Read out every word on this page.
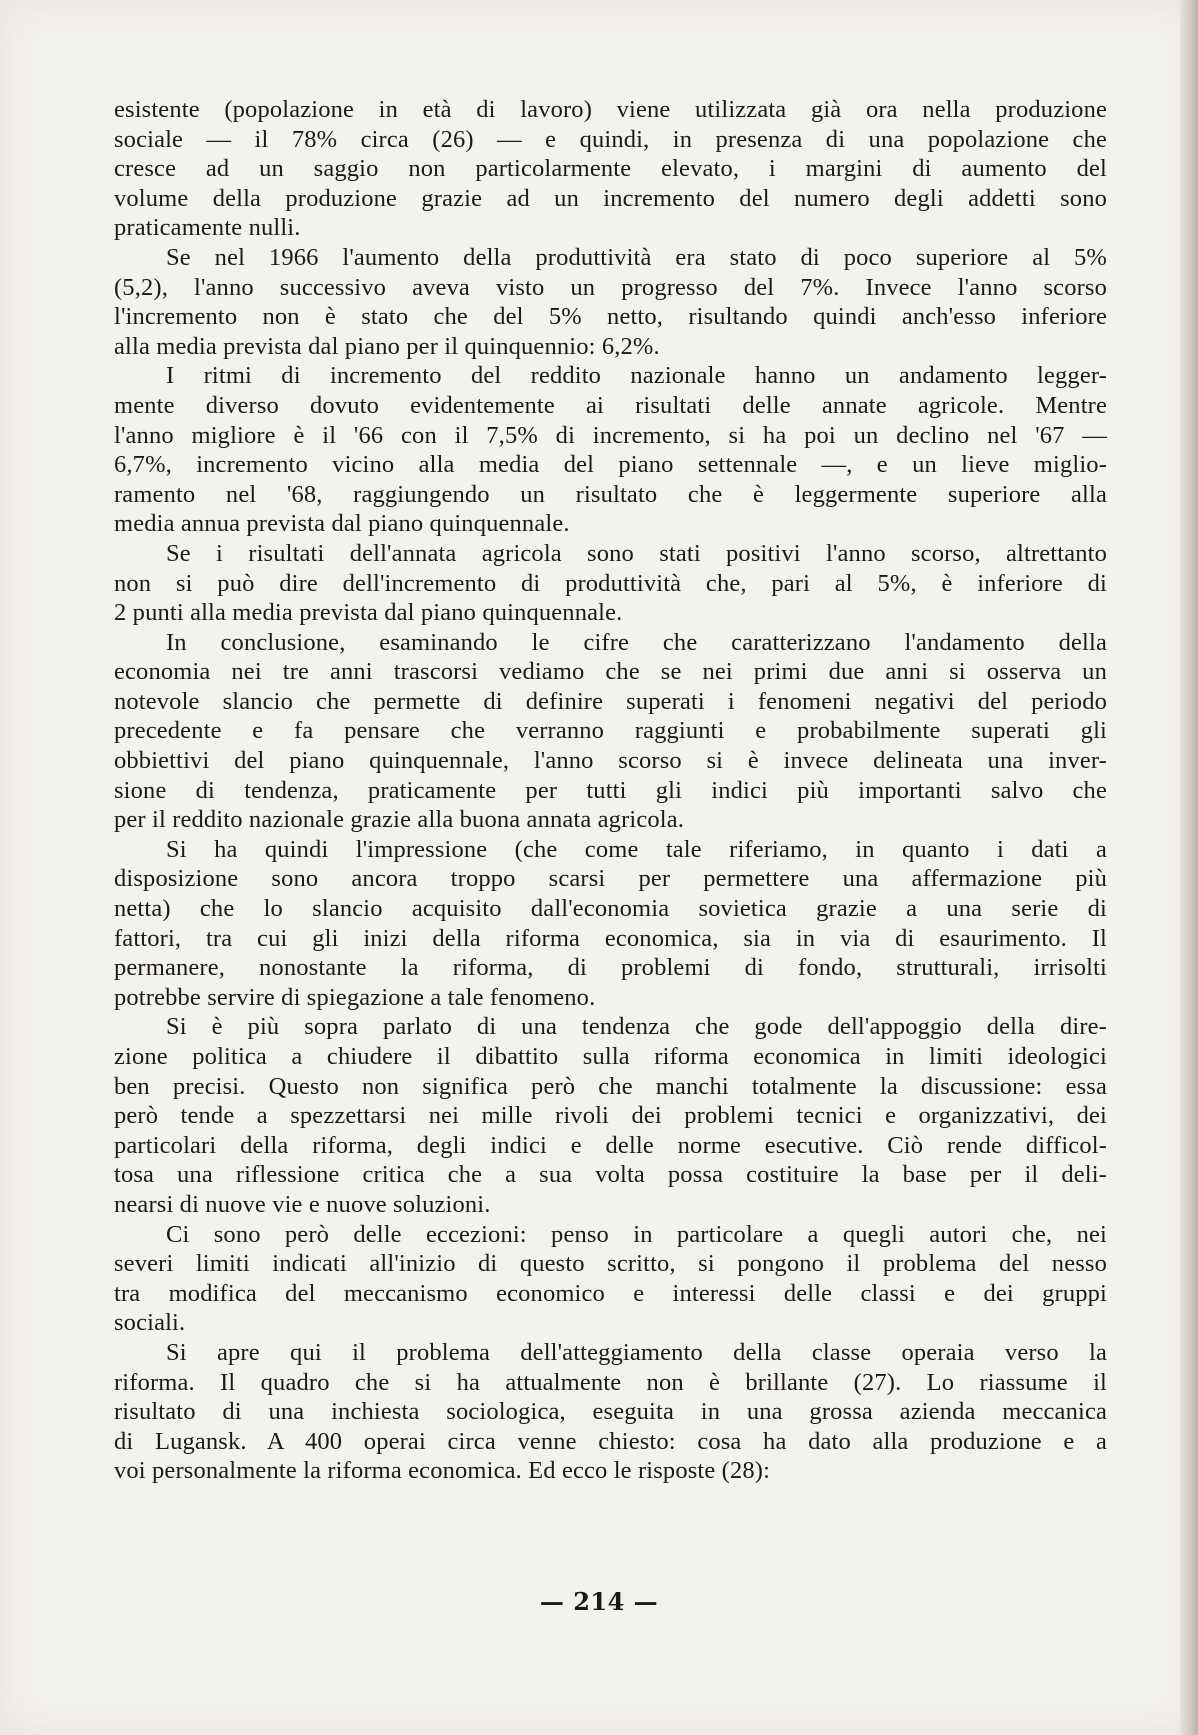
esistente (popolazione in età di lavoro) viene utilizzata già ora nella produzione
sociale — il 78% circa (26) — e quindi, in presenza di una popolazione che
cresce ad un saggio non particolarmente elevato, i margini di aumento del
volume della produzione grazie ad un incremento del numero degli addetti sono
praticamente nulli.

Se nel 1966 l'aumento della produttività era stato di poco superiore al 5%
(5,2), l'anno successivo aveva visto un progresso del 7%. Invece l'anno scorso
l'incremento non è stato che del 5% netto, risultando quindi anch'esso inferiore
alla media prevista dal piano per il quinquennio: 6,2%.

I ritmi di incremento del reddito nazionale hanno un andamento legger-
mente diverso dovuto evidentemente ai risultati delle annate agricole. Mentre
l'anno migliore è il '66 con il 7,5% di incremento, si ha poi un declino nel '67 —
6,7%, incremento vicino alla media del piano settennale —, e un lieve miglio-
ramento nel '68, raggiungendo un risultato che è leggermente superiore alla
media annua prevista dal piano quinquennale.

Se i risultati dell'annata agricola sono stati positivi l'anno scorso, altrettanto
non si può dire dell'incremento di produttività che, pari al 5%, è inferiore di
2 punti alla media prevista dal piano quinquennale.

In conclusione, esaminando le cifre che caratterizzano l'andamento della
economia nei tre anni trascorsi vediamo che se nei primi due anni si osserva un
notevole slancio che permette di definire superati i fenomeni negativi del periodo
precedente e fa pensare che verranno raggiunti e probabilmente superati gli
obbiettivi del piano quinquennale, l'anno scorso si è invece delineata una inver-
sione di tendenza, praticamente per tutti gli indici più importanti salvo che
per il reddito nazionale grazie alla buona annata agricola.

Si ha quindi l'impressione (che come tale riferiamo, in quanto i dati a
disposizione sono ancora troppo scarsi per permettere una affermazione più
netta) che lo slancio acquisito dall'economia sovietica grazie a una serie di
fattori, tra cui gli inizi della riforma economica, sia in via di esaurimento. Il
permanere, nonostante la riforma, di problemi di fondo, strutturali, irrisolti
potrebbe servire di spiegazione a tale fenomeno.

Si è più sopra parlato di una tendenza che gode dell'appoggio della dire-
zione politica a chiudere il dibattito sulla riforma economica in limiti ideologici
ben precisi. Questo non significa però che manchi totalmente la discussione: essa
però tende a spezzettarsi nei mille rivoli dei problemi tecnici e organizzativi, dei
particolari della riforma, degli indici e delle norme esecutive. Ciò rende difficol-
tosa una riflessione critica che a sua volta possa costituire la base per il deli-
nearsi di nuove vie e nuove soluzioni.

Ci sono però delle eccezioni: penso in particolare a quegli autori che, nei
severi limiti indicati all'inizio di questo scritto, si pongono il problema del nesso
tra modifica del meccanismo economico e interessi delle classi e dei gruppi
sociali.

Si apre qui il problema dell'atteggiamento della classe operaia verso la
riforma. Il quadro che si ha attualmente non è brillante (27). Lo riassume il
risultato di una inchiesta sociologica, eseguita in una grossa azienda meccanica
di Lugansk. A 400 operai circa venne chiesto: cosa ha dato alla produzione e a
voi personalmente la riforma economica. Ed ecco le risposte (28):

— 214 —
